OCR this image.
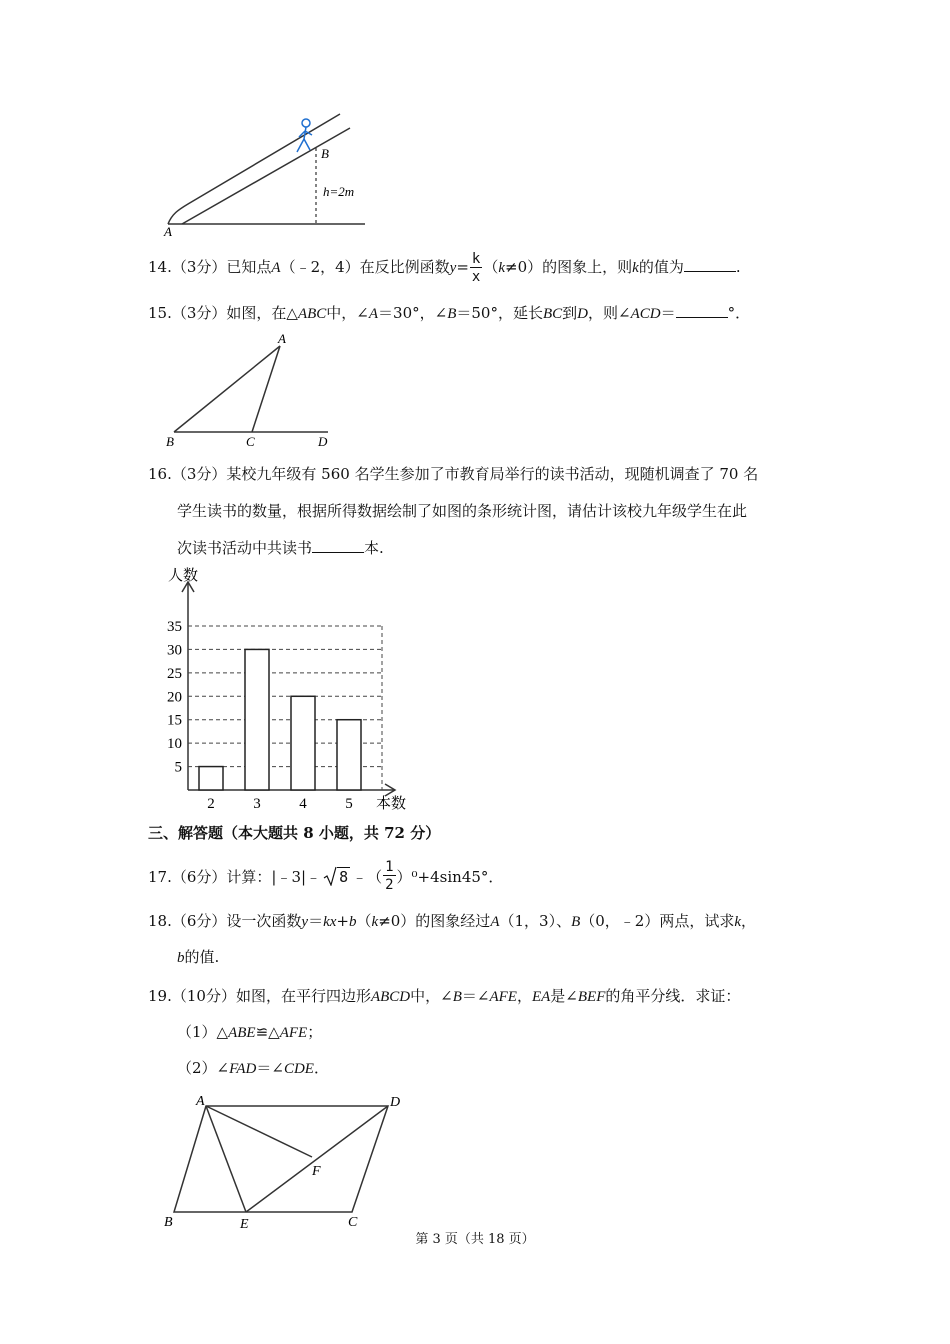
A
B
h=2m
14.（3分）已知点A（﹣2，4）在反比例函数$y= \frac{k}{x} (k\ne 0)$的图象上，则k的值为	.
15.（3分）如图，在△ABC中，∠A＝30°，∠B＝50°，延长BC到D，则∠ACD＝	°．
A
B	C	D
16.（3分）某校九年级有 560 名学生参加了市教育局举行的读书活动，现随机调查了 70 名
学生读书的数量，根据所得数据绘制了如图的条形统计图，请估计该校九年级学生在此
次读书活动中共读书	本.
人数
本数
5
10
15
20
25
30
35
2	3	4	5
三、解答题（本大题共 8 小题，共 72 分）
17.（6分）计算：|﹣3|﹣ 8 ﹣（ $\frac{1}{2} )^0+4\sin 45^\circ$．
18.（6分）设一次函数y＝kx+b（k≠0）的图象经过A（1，3）、B（0，﹣2）两点，试求k，
b的值.
19.（10分）如图，在平行四边形ABCD中，∠B＝∠AFE，EA是∠BEF的角平分线．求证：
（1）△ABE≌△AFE；
（2）∠FAD＝∠CDE．
A	D
F
B	E	C
第 3 页（共 18 页）
